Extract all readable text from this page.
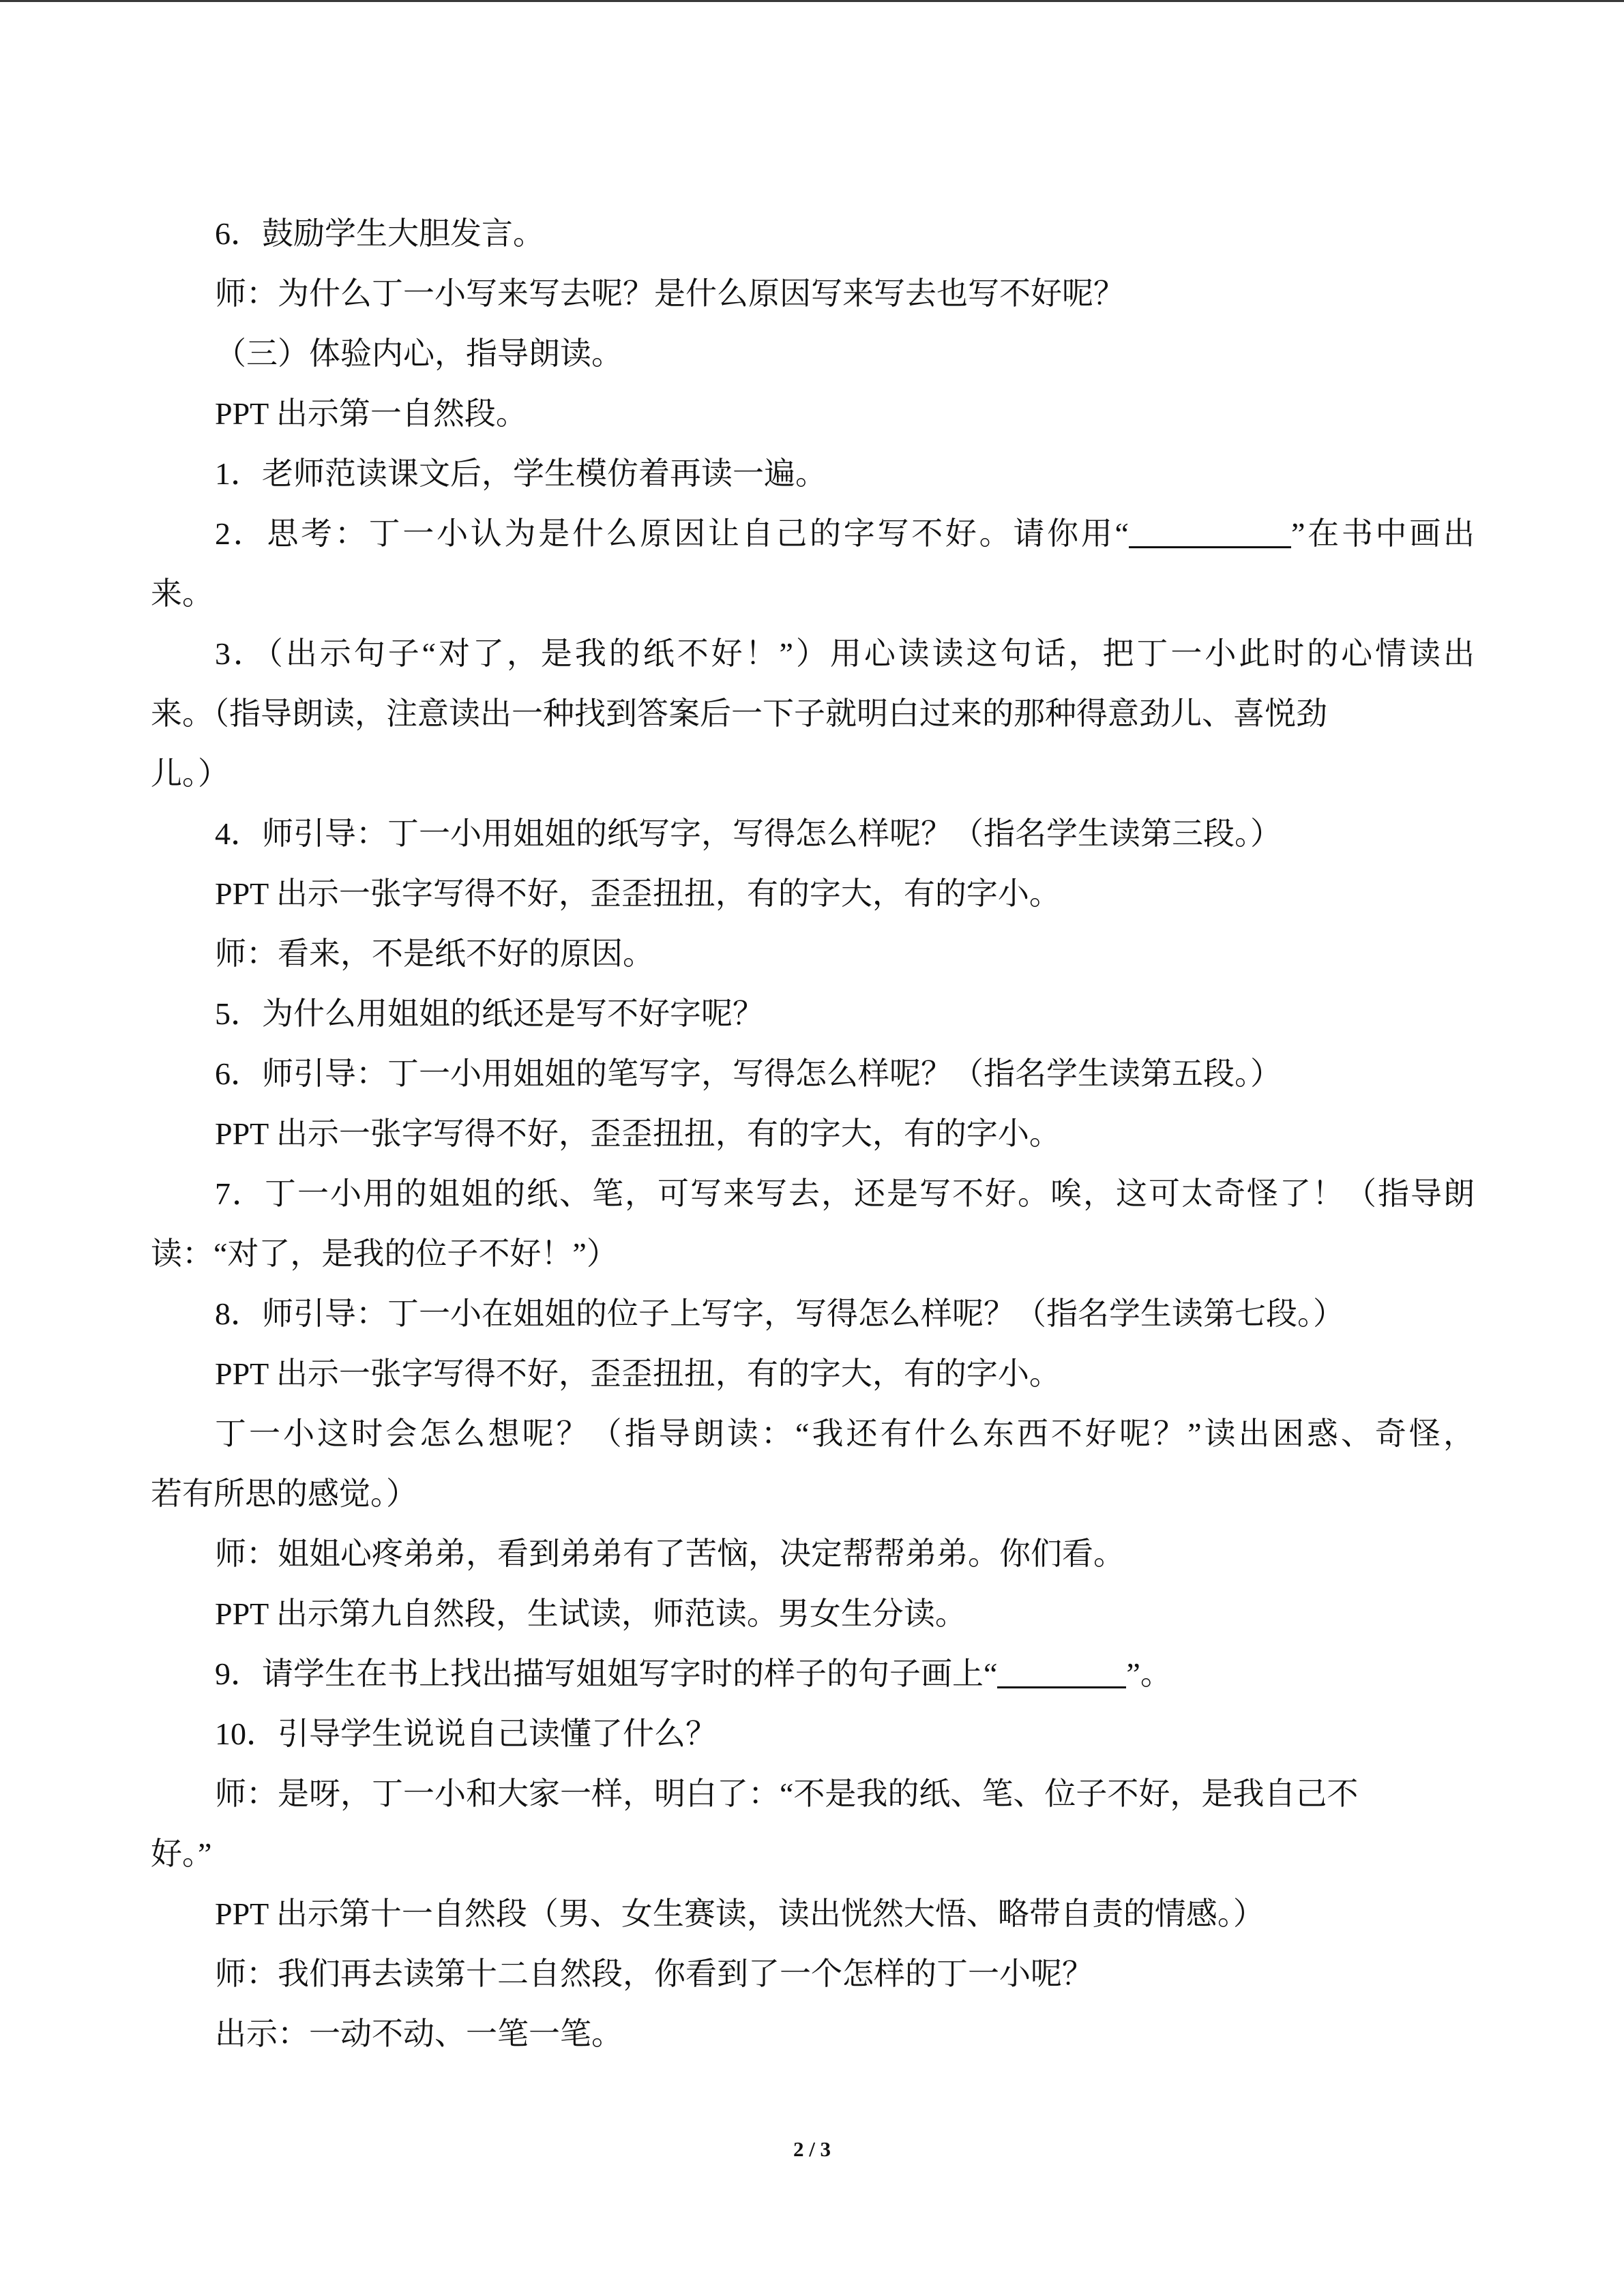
6．鼓励学生大胆发言。
师：为什么丁一小写来写去呢？是什么原因写来写去也写不好呢？
（三）体验内心，指导朗读。
PPT 出示第一自然段。
1．老师范读课文后，学生模仿着再读一遍。
2．思考：丁一小认为是什么原因让自己的字写不好。请你用“	”在书中画出
来。
3．（出示句子“对了，是我的纸不好！”）用心读读这句话，把丁一小此时的心情读出
来。（指导朗读，注意读出一种找到答案后一下子就明白过来的那种得意劲儿、喜悦劲
儿。）
4．师引导：丁一小用姐姐的纸写字，写得怎么样呢？（指名学生读第三段。）
PPT 出示一张字写得不好，歪歪扭扭，有的字大，有的字小。
师：看来，不是纸不好的原因。
5．为什么用姐姐的纸还是写不好字呢？
6．师引导：丁一小用姐姐的笔写字，写得怎么样呢？（指名学生读第五段。）
PPT 出示一张字写得不好，歪歪扭扭，有的字大，有的字小。
7．丁一小用的姐姐的纸、笔，可写来写去，还是写不好。唉，这可太奇怪了！（指导朗
读：“对了，是我的位子不好！”）
8．师引导：丁一小在姐姐的位子上写字，写得怎么样呢？（指名学生读第七段。）
PPT 出示一张字写得不好，歪歪扭扭，有的字大，有的字小。
丁一小这时会怎么想呢？（指导朗读：“我还有什么东西不好呢？”读出困惑、奇怪，
若有所思的感觉。）
师：姐姐心疼弟弟，看到弟弟有了苦恼，决定帮帮弟弟。你们看。
PPT 出示第九自然段，生试读，师范读。男女生分读。
9．请学生在书上找出描写姐姐写字时的样子的句子画上“	”。
10．引导学生说说自己读懂了什么？
师：是呀，丁一小和大家一样，明白了：“不是我的纸、笔、位子不好，是我自己不
好。”
PPT 出示第十一自然段（男、女生赛读，读出恍然大悟、略带自责的情感。）
师：我们再去读第十二自然段，你看到了一个怎样的丁一小呢？
出示：一动不动、一笔一笔。
2 / 3
